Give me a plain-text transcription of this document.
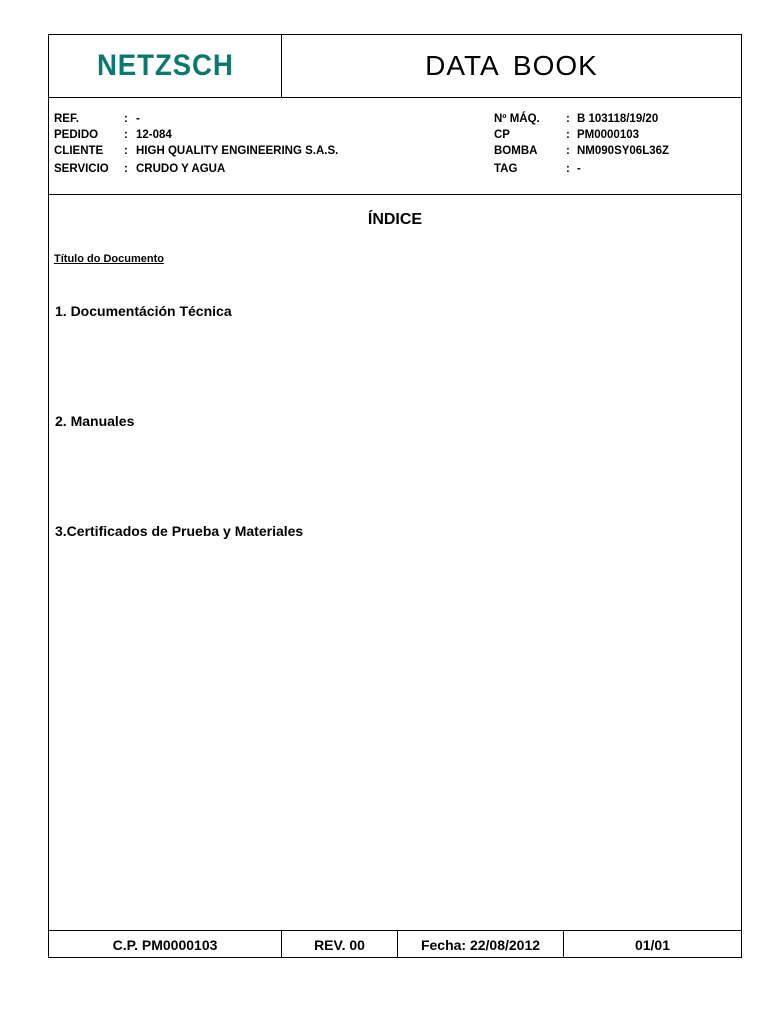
NETZSCH	DATA BOOK
REF.	: -
PEDIDO : 12-084
CLIENTE : HIGH QUALITY ENGINEERING S.A.S.
SERVICIO : CRUDO Y AGUA
Nº MÁQ. : B 103118/19/20
CP	: PM0000103
BOMBA : NM090SY06L36Z
TAG	: -
ÍNDICE
Título do Documento
1. Documentáción Técnica
2. Manuales
3.Certificados de Prueba y Materiales
C.P. PM0000103	REV. 00	Fecha: 22/08/2012	01/01
